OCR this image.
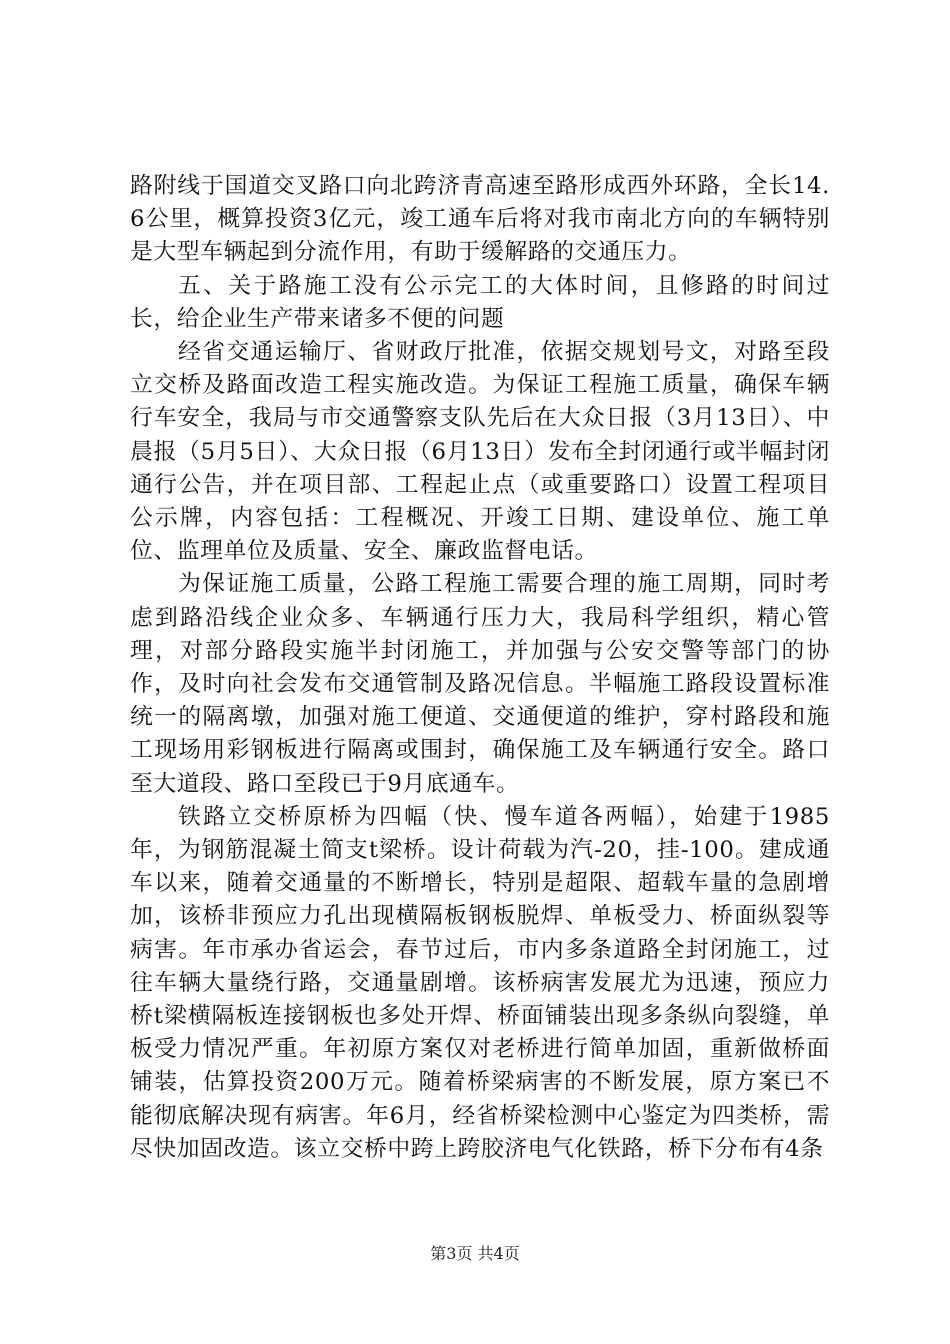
路附线于国道交叉路口向北跨济青高速至路形成西外环路，全长14.6公里，概算投资3亿元，竣工通车后将对我市南北方向的车辆特别是大型车辆起到分流作用，有助于缓解路的交通压力。

五、关于路施工没有公示完工的大体时间，且修路的时间过长，给企业生产带来诸多不便的问题

经省交通运输厅、省财政厅批准，依据交规划号文，对路至段立交桥及路面改造工程实施改造。为保证工程施工质量，确保车辆行车安全，我局与市交通警察支队先后在大众日报（3月13日）、中晨报（5月5日）、大众日报（6月13日）发布全封闭通行或半幅封闭通行公告，并在项目部、工程起止点（或重要路口）设置工程项目公示牌，内容包括：工程概况、开竣工日期、建设单位、施工单位、监理单位及质量、安全、廉政监督电话。

为保证施工质量，公路工程施工需要合理的施工周期，同时考虑到路沿线企业众多、车辆通行压力大，我局科学组织，精心管理，对部分路段实施半封闭施工，并加强与公安交警等部门的协作，及时向社会发布交通管制及路况信息。半幅施工路段设置标准统一的隔离墩，加强对施工便道、交通便道的维护，穿村路段和施工现场用彩钢板进行隔离或围封，确保施工及车辆通行安全。路口至大道段、路口至段已于9月底通车。

铁路立交桥原桥为四幅（快、慢车道各两幅），始建于1985年，为钢筋混凝土简支t梁桥。设计荷载为汽-20，挂-100。建成通车以来，随着交通量的不断增长，特别是超限、超载车量的急剧增加，该桥非预应力孔出现横隔板钢板脱焊、单板受力、桥面纵裂等病害。年市承办省运会，春节过后，市内多条道路全封闭施工，过往车辆大量绕行路，交通量剧增。该桥病害发展尤为迅速，预应力桥t梁横隔板连接钢板也多处开焊、桥面铺装出现多条纵向裂缝，单板受力情况严重。年初原方案仅对老桥进行简单加固，重新做桥面铺装，估算投资200万元。随着桥梁病害的不断发展，原方案已不能彻底解决现有病害。年6月，经省桥梁检测中心鉴定为四类桥，需尽快加固改造。该立交桥中跨上跨胶济电气化铁路，桥下分布有4条

第3页 共4页
